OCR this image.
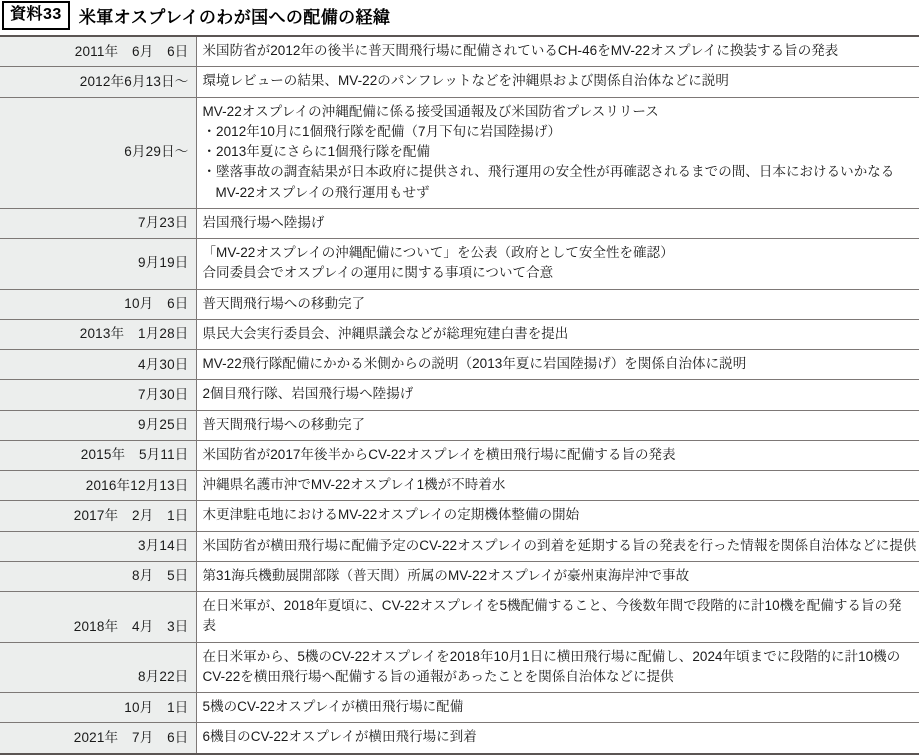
資料33	米軍オスプレイのわが国への配備の経緯
2011年　6月　6日	米国防省が2012年の後半に普天間飛行場に配備されているCH-46をMV-22オスプレイに換装する旨の発表

2012年6月13日〜	環境レビューの結果、MV-22のパンフレットなどを沖縄県および関係自治体などに説明

6月29日〜	MV-22オスプレイの沖縄配備に係る接受国通報及び米国防省プレスリリース
・2012年10月に1個飛行隊を配備（7月下旬に岩国陸揚げ）
・2013年夏にさらに1個飛行隊を配備
・墜落事故の調査結果が日本政府に提供され、飛行運用の安全性が再確認されるまでの間、日本におけるいかなるMV-22オスプレイの飛行運用もせず

7月23日	岩国飛行場へ陸揚げ

9月19日	「MV-22オスプレイの沖縄配備について」を公表（政府として安全性を確認）
合同委員会でオスプレイの運用に関する事項について合意

10月　6日	普天間飛行場への移動完了

2013年　1月28日	県民大会実行委員会、沖縄県議会などが総理宛建白書を提出

4月30日	MV-22飛行隊配備にかかる米側からの説明（2013年夏に岩国陸揚げ）を関係自治体に説明

7月30日	2個目飛行隊、岩国飛行場へ陸揚げ

9月25日	普天間飛行場への移動完了

2015年　5月11日	米国防省が2017年後半からCV-22オスプレイを横田飛行場に配備する旨の発表

2016年12月13日	沖縄県名護市沖でMV-22オスプレイ1機が不時着水

2017年　2月　1日	木更津駐屯地におけるMV-22オスプレイの定期機体整備の開始

3月14日	米国防省が横田飛行場に配備予定のCV-22オスプレイの到着を延期する旨の発表を行った情報を関係自治体などに提供

8月　5日	第31海兵機動展開部隊（普天間）所属のMV-22オスプレイが豪州東海岸沖で事故

2018年　4月　3日	在日米軍が、2018年夏頃に、CV-22オスプレイを5機配備すること、今後数年間で段階的に計10機を配備する旨の発表

8月22日	在日米軍から、5機のCV-22オスプレイを2018年10月1日に横田飛行場に配備し、2024年頃までに段階的に計10機のCV-22を横田飛行場へ配備する旨の通報があったことを関係自治体などに提供

10月　1日	5機のCV-22オスプレイが横田飛行場に配備

2021年　7月　6日	6機目のCV-22オスプレイが横田飛行場に到着
